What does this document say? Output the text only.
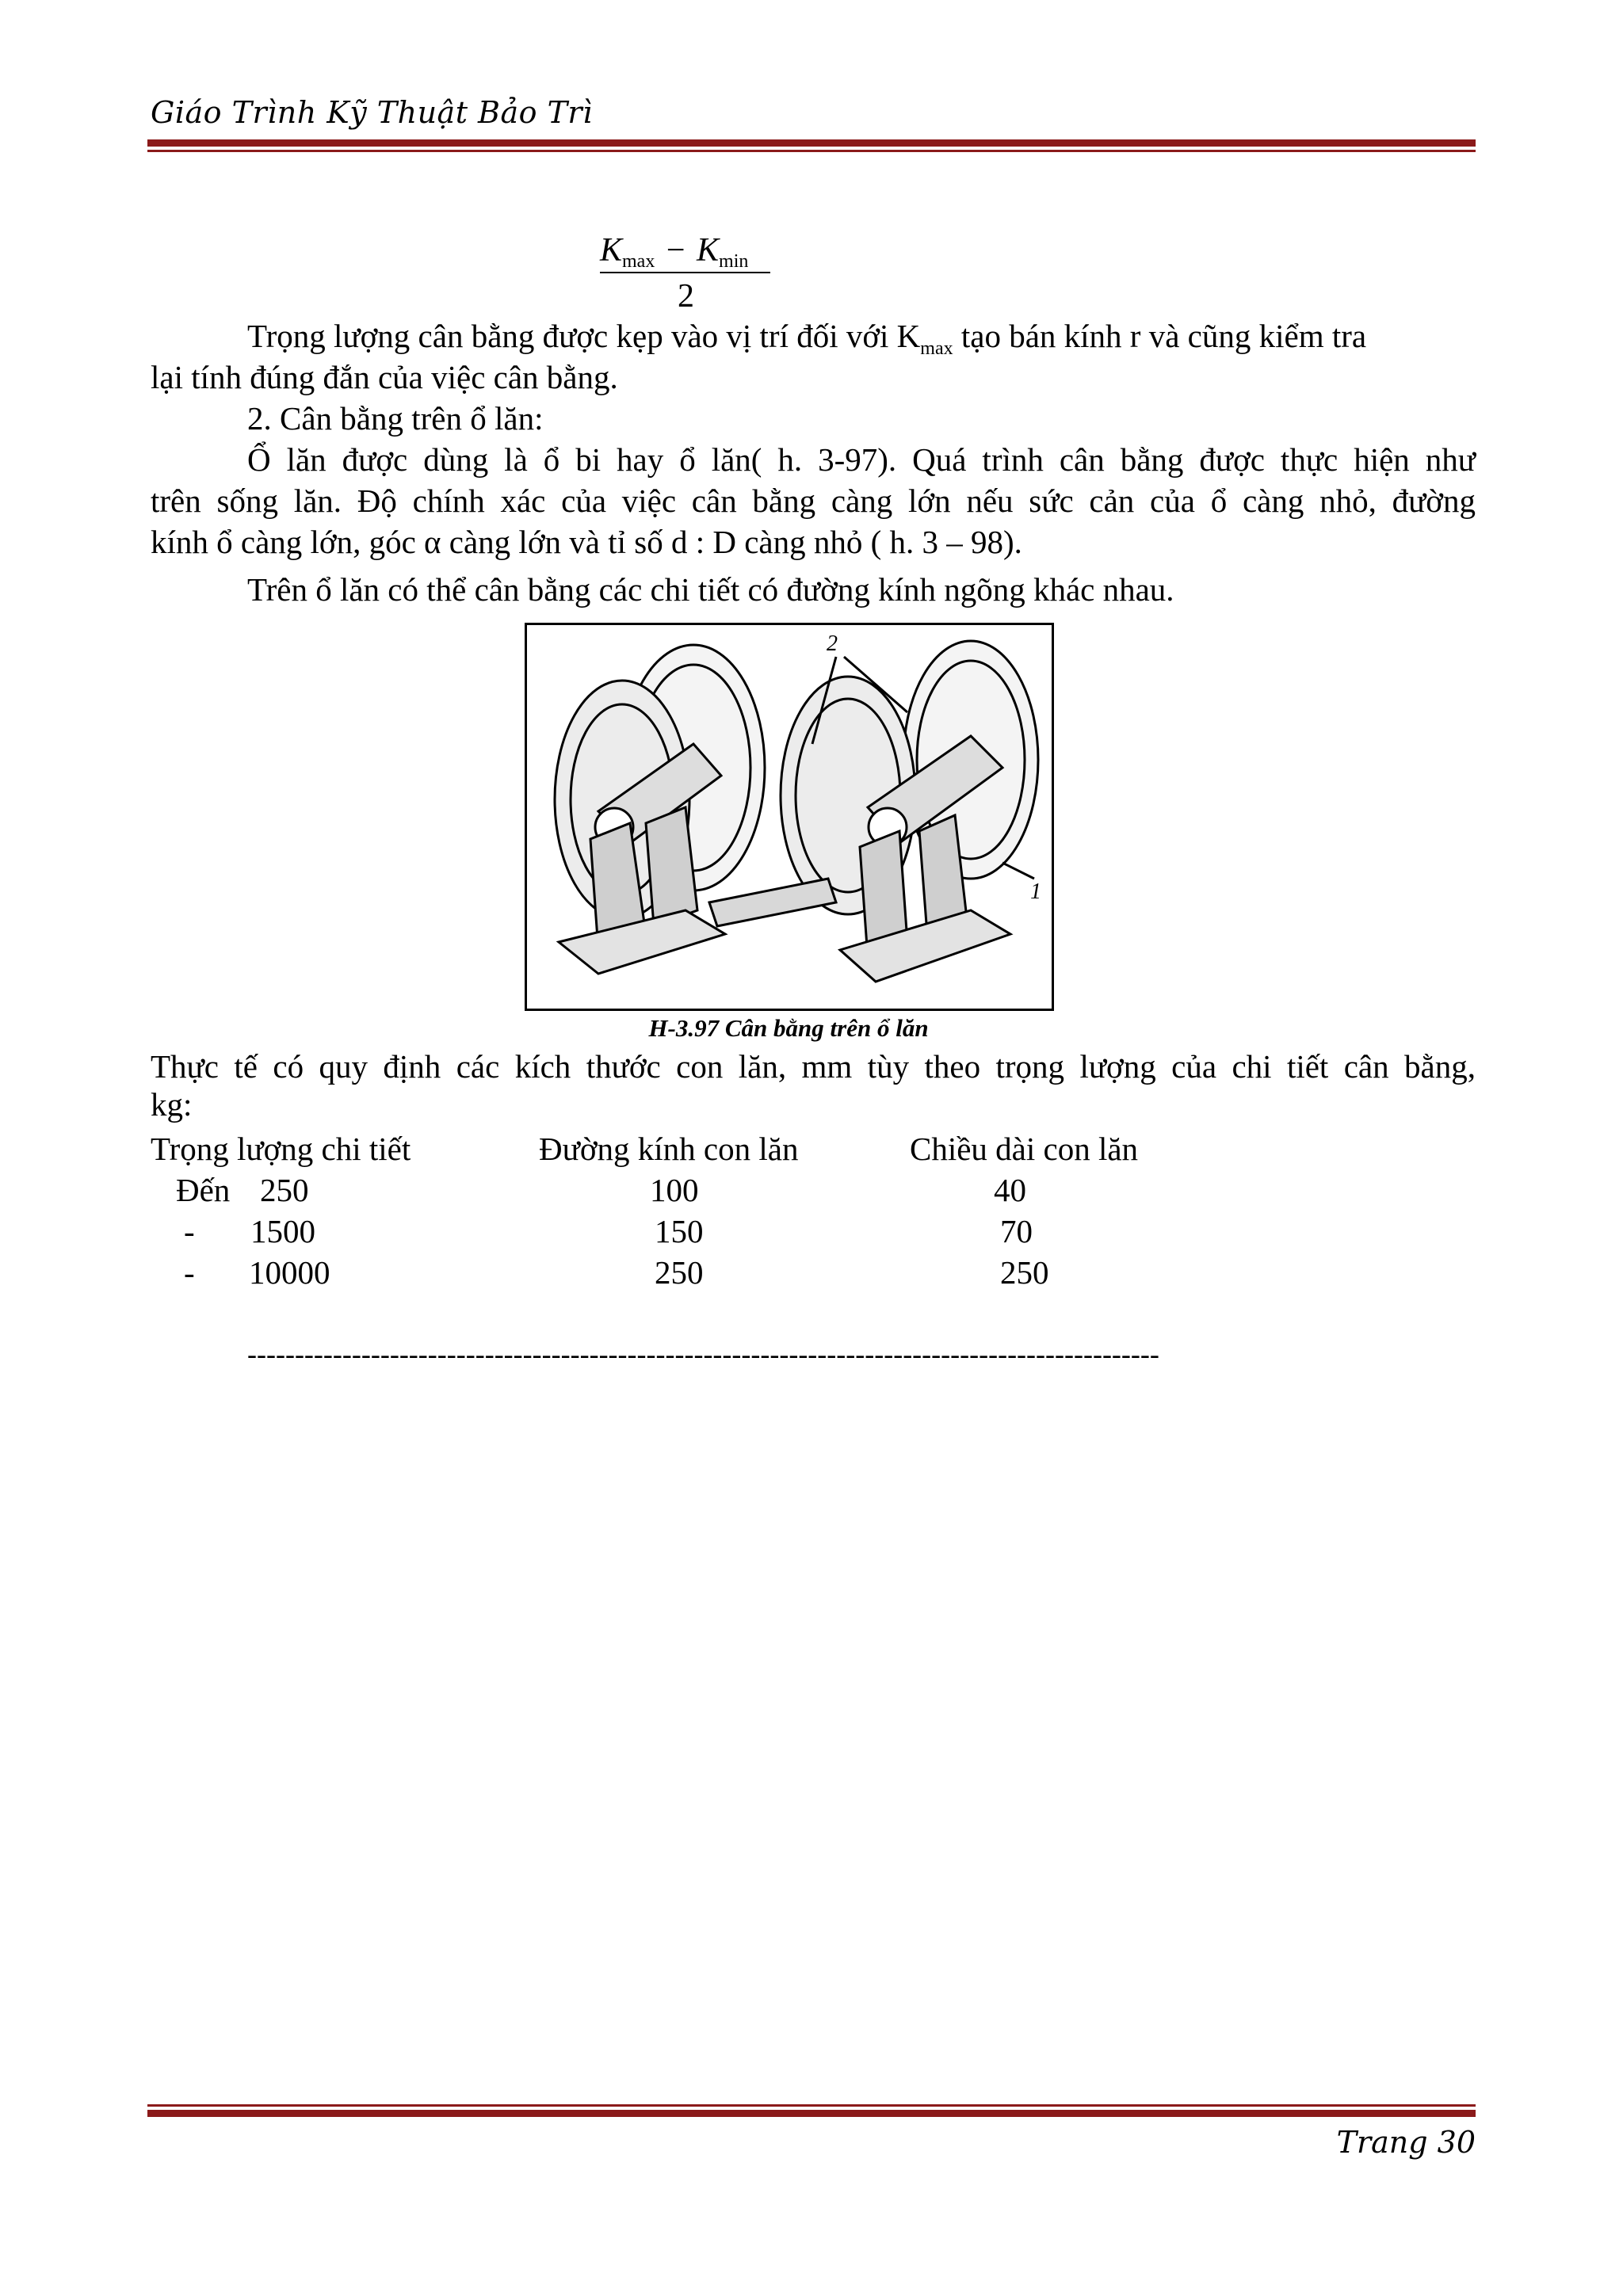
Giáo Trình Kỹ Thuật Bảo Trì
$K_{max} - K_{min}$
2
Trọng lượng cân bằng được kẹp vào vị trí đối với $K_{max}$ tạo bán kính r và cũng kiểm tra
lại tính đúng đắn của việc cân bằng.
2. Cân bằng trên ổ lăn:
Ổ lăn được dùng là ổ bi hay ổ lăn( h. 3-97). Quá trình cân bằng được thực hiện như
trên sống lăn. Độ chính xác của việc cân bằng càng lớn nếu sức cản của ổ càng nhỏ, đường
kính ổ càng lớn, góc α càng lớn và tỉ số d : D càng nhỏ ( h. 3 – 98).
Trên ổ lăn có thể cân bằng các chi tiết có đường kính ngõng khác nhau.
2
1
H-3.97 Cân bằng trên ổ lăn
Thực tế có quy định các kích thước con lăn, mm tùy theo trọng lượng của chi tiết cân bằng,
kg:
Trọng lượng chi tiết	Đường kính con lăn	Chiều dài con lăn
Đến 250	100	40
- 1500	150	70
- 10000	250	250
------------------------------------------------------------------------------------------------
Trang 30
